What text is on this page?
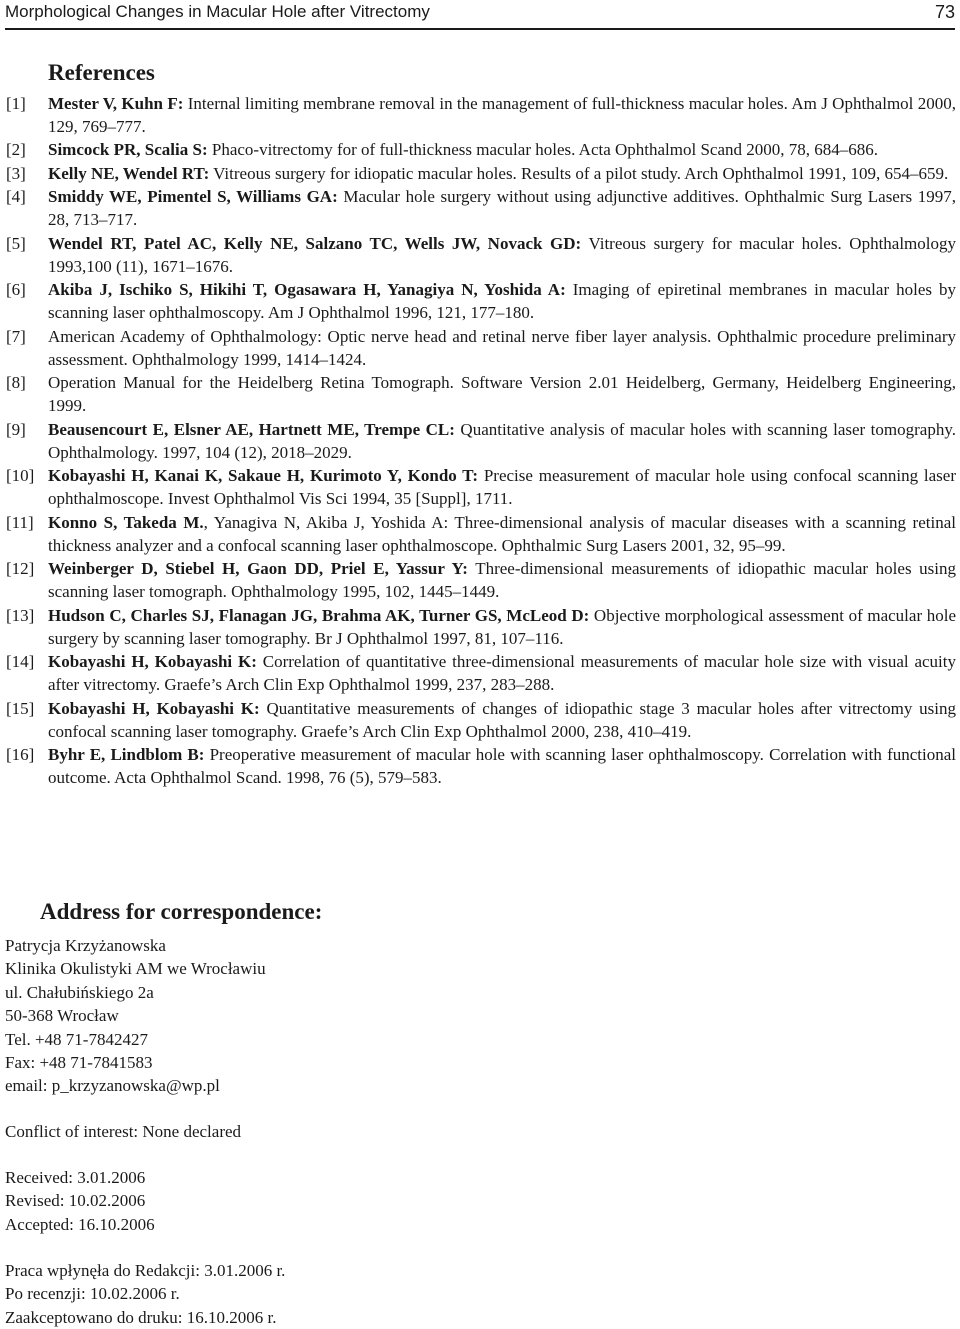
Morphological Changes in Macular Hole after Vitrectomy	73
References
[1]	Mester V, Kuhn F: Internal limiting membrane removal in the management of full-thickness macular holes. Am J Ophthalmol 2000, 129, 769–777.
[2]	Simcock PR, Scalia S: Phaco-vitrectomy for of full-thickness macular holes. Acta Ophthalmol Scand 2000, 78, 684–686.
[3]	Kelly NE, Wendel RT: Vitreous surgery for idiopatic macular holes. Results of a pilot study. Arch Ophthalmol 1991, 109, 654–659.
[4]	Smiddy WE, Pimentel S, Williams GA: Macular hole surgery without using adjunctive additives. Ophthalmic Surg Lasers 1997, 28, 713–717.
[5]	Wendel RT, Patel AC, Kelly NE, Salzano TC, Wells JW, Novack GD: Vitreous surgery for macular holes. Ophthalmology 1993,100 (11), 1671–1676.
[6]	Akiba J, Ischiko S, Hikihi T, Ogasawara H, Yanagiya N, Yoshida A: Imaging of epiretinal membranes in macular holes by scanning laser ophthalmoscopy. Am J Ophthalmol 1996, 121, 177–180.
[7]	American Academy of Ophthalmology: Optic nerve head and retinal nerve fiber layer analysis. Ophthalmic procedure preliminary assessment. Ophthalmology 1999, 1414–1424.
[8]	Operation Manual for the Heidelberg Retina Tomograph. Software Version 2.01 Heidelberg, Germany, Heidelberg Engineering, 1999.
[9]	Beausencourt E, Elsner AE, Hartnett ME, Trempe CL: Quantitative analysis of macular holes with scanning laser tomography. Ophthalmology. 1997, 104 (12), 2018–2029.
[10] Kobayashi H, Kanai K, Sakaue H, Kurimoto Y, Kondo T: Precise measurement of macular hole using confocal scanning laser ophthalmoscope. Invest Ophthalmol Vis Sci 1994, 35 [Suppl], 1711.
[11] Konno S, Takeda M., Yanagiva N, Akiba J, Yoshida A: Three-dimensional analysis of macular diseases with a scanning retinal thickness analyzer and a confocal scanning laser ophthalmoscope. Ophthalmic Surg Lasers 2001, 32, 95–99.
[12] Weinberger D, Stiebel H, Gaon DD, Priel E, Yassur Y: Three-dimensional measurements of idiopathic macular holes using scanning laser tomograph. Ophthalmology 1995, 102, 1445–1449.
[13] Hudson C, Charles SJ, Flanagan JG, Brahma AK, Turner GS, McLeod D: Objective morphological assessment of macular hole surgery by scanning laser tomography. Br J Ophthalmol 1997, 81, 107–116.
[14] Kobayashi H, Kobayashi K: Correlation of quantitative three-dimensional measurements of macular hole size with visual acuity after vitrectomy. Graefe’s Arch Clin Exp Ophthalmol 1999, 237, 283–288.
[15] Kobayashi H, Kobayashi K: Quantitative measurements of changes of idiopathic stage 3 macular holes after vitrectomy using confocal scanning laser tomography. Graefe’s Arch Clin Exp Ophthalmol 2000, 238, 410–419.
[16] Byhr E, Lindblom B: Preoperative measurement of macular hole with scanning laser ophthalmoscopy. Correlation with functional outcome. Acta Ophthalmol Scand. 1998, 76 (5), 579–583.
Address for correspondence:
Patrycja Krzyżanowska
Klinika Okulistyki AM we Wrocławiu
ul. Chałubińskiego 2a
50-368 Wrocław
Tel. +48 71-7842427
Fax: +48 71-7841583
email: p_krzyzanowska@wp.pl
Conflict of interest: None declared
Received: 3.01.2006
Revised: 10.02.2006
Accepted: 16.10.2006
Praca wpłynęła do Redakcji: 3.01.2006 r.
Po recenzji: 10.02.2006 r.
Zaakceptowano do druku: 16.10.2006 r.
